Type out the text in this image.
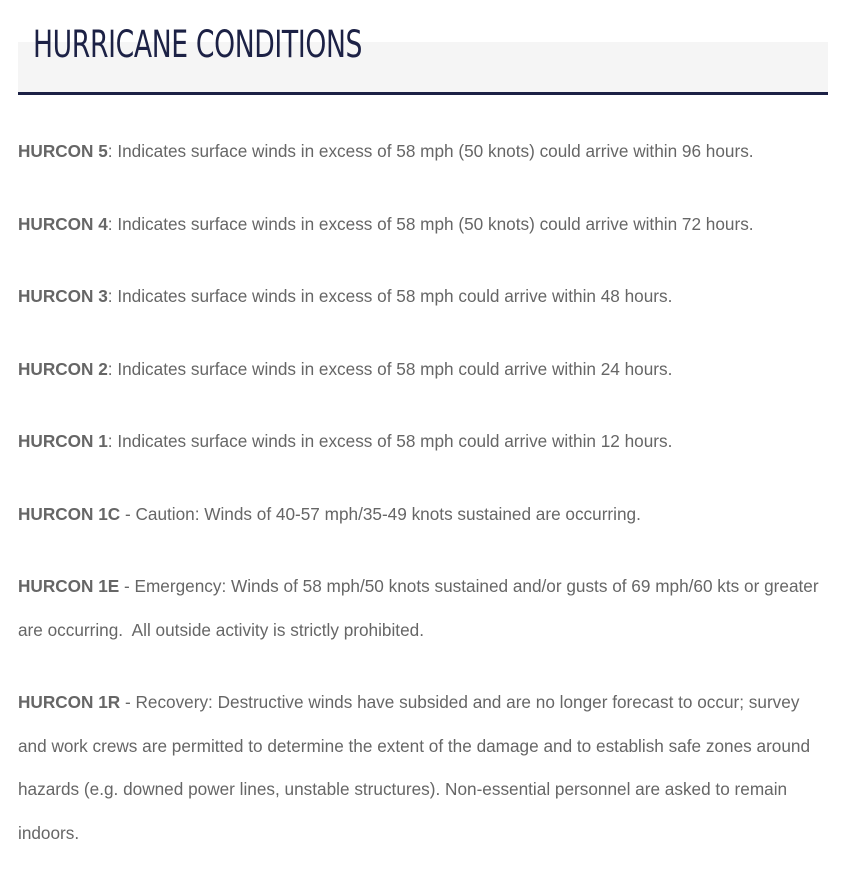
HURRICANE CONDITIONS

HURCON 5: Indicates surface winds in excess of 58 mph (50 knots) could arrive within 96 hours.

HURCON 4: Indicates surface winds in excess of 58 mph (50 knots) could arrive within 72 hours.

HURCON 3: Indicates surface winds in excess of 58 mph could arrive within 48 hours.

HURCON 2: Indicates surface winds in excess of 58 mph could arrive within 24 hours.

HURCON 1: Indicates surface winds in excess of 58 mph could arrive within 12 hours.

HURCON 1C - Caution: Winds of 40-57 mph/35-49 knots sustained are occurring.

HURCON 1E - Emergency: Winds of 58 mph/50 knots sustained and/or gusts of 69 mph/60 kts or greater are occurring.  All outside activity is strictly prohibited.

HURCON 1R - Recovery: Destructive winds have subsided and are no longer forecast to occur; survey and work crews are permitted to determine the extent of the damage and to establish safe zones around hazards (e.g. downed power lines, unstable structures). Non-essential personnel are asked to remain indoors.
